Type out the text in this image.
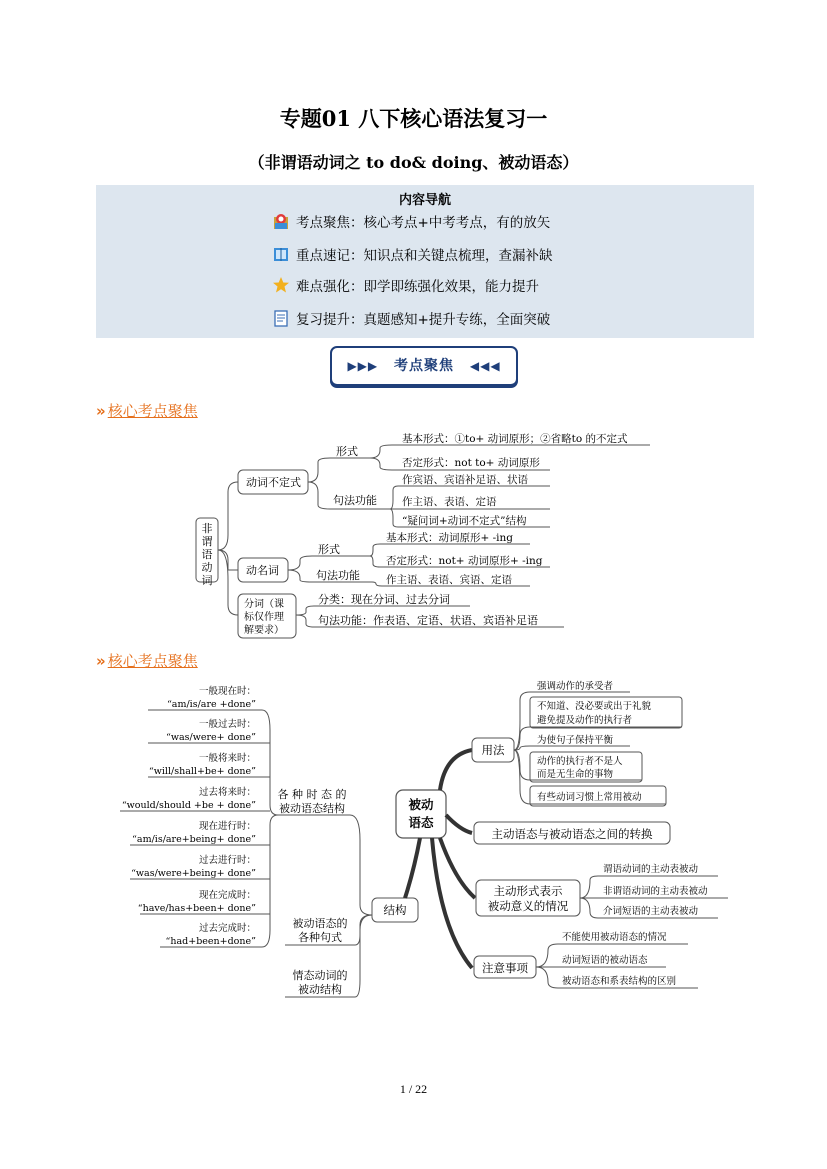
专题01 八下核心语法复习一
（非谓语动词之 to do& doing、被动语态）
内容导航
考点聚焦：核心考点+中考考点，有的放矢
重点速记：知识点和关键点梳理，查漏补缺
难点强化：即学即练强化效果，能力提升
复习提升：真题感知+提升专练，全面突破
▶▶▶ 考点聚焦 ◀◀◀
» 核心考点聚焦
非
谓
语
动
词
动词不定式
动名词
分词（课
标仅作理
解要求）
形式
句法功能
形式
句法功能
分类：现在分词、过去分词
句法功能：作表语、定语、状语、宾语补足语
基本形式：①to+ 动词原形；②省略to 的不定式
否定形式：not to+ 动词原形
作宾语、宾语补足语、状语
作主语、表语、定语
“疑问词+动词不定式”结构
基本形式：动词原形+ -ing
否定形式：not+ 动词原形+ -ing
作主语、表语、宾语、定语
» 核心考点聚焦
一般现在时：
“am/is/are +done”
一般过去时：
“was/were+ done”
一般将来时：
“will/shall+be+ done”
过去将来时：
“would/should +be + done”
现在进行时：
“am/is/are+being+ done”
过去进行时：
“was/were+being+ done”
现在完成时：
“have/has+been+ done”
过去完成时：
“had+been+done”
各 种 时 态 的
被动语态结构
被动语态的
各种句式
情态动词的
被动结构
结构
被动
语态
用法
主动语态与被动语态之间的转换
主动形式表示
被动意义的情况
注意事项
强调动作的承受者
不知道、没必要或出于礼貌
避免提及动作的执行者
为使句子保持平衡
动作的执行者不是人
而是无生命的事物
有些动词习惯上常用被动
谓语动词的主动表被动
非谓语动词的主动表被动
介词短语的主动表被动
不能使用被动语态的情况
动词短语的被动语态
被动语态和系表结构的区别
1 / 22
